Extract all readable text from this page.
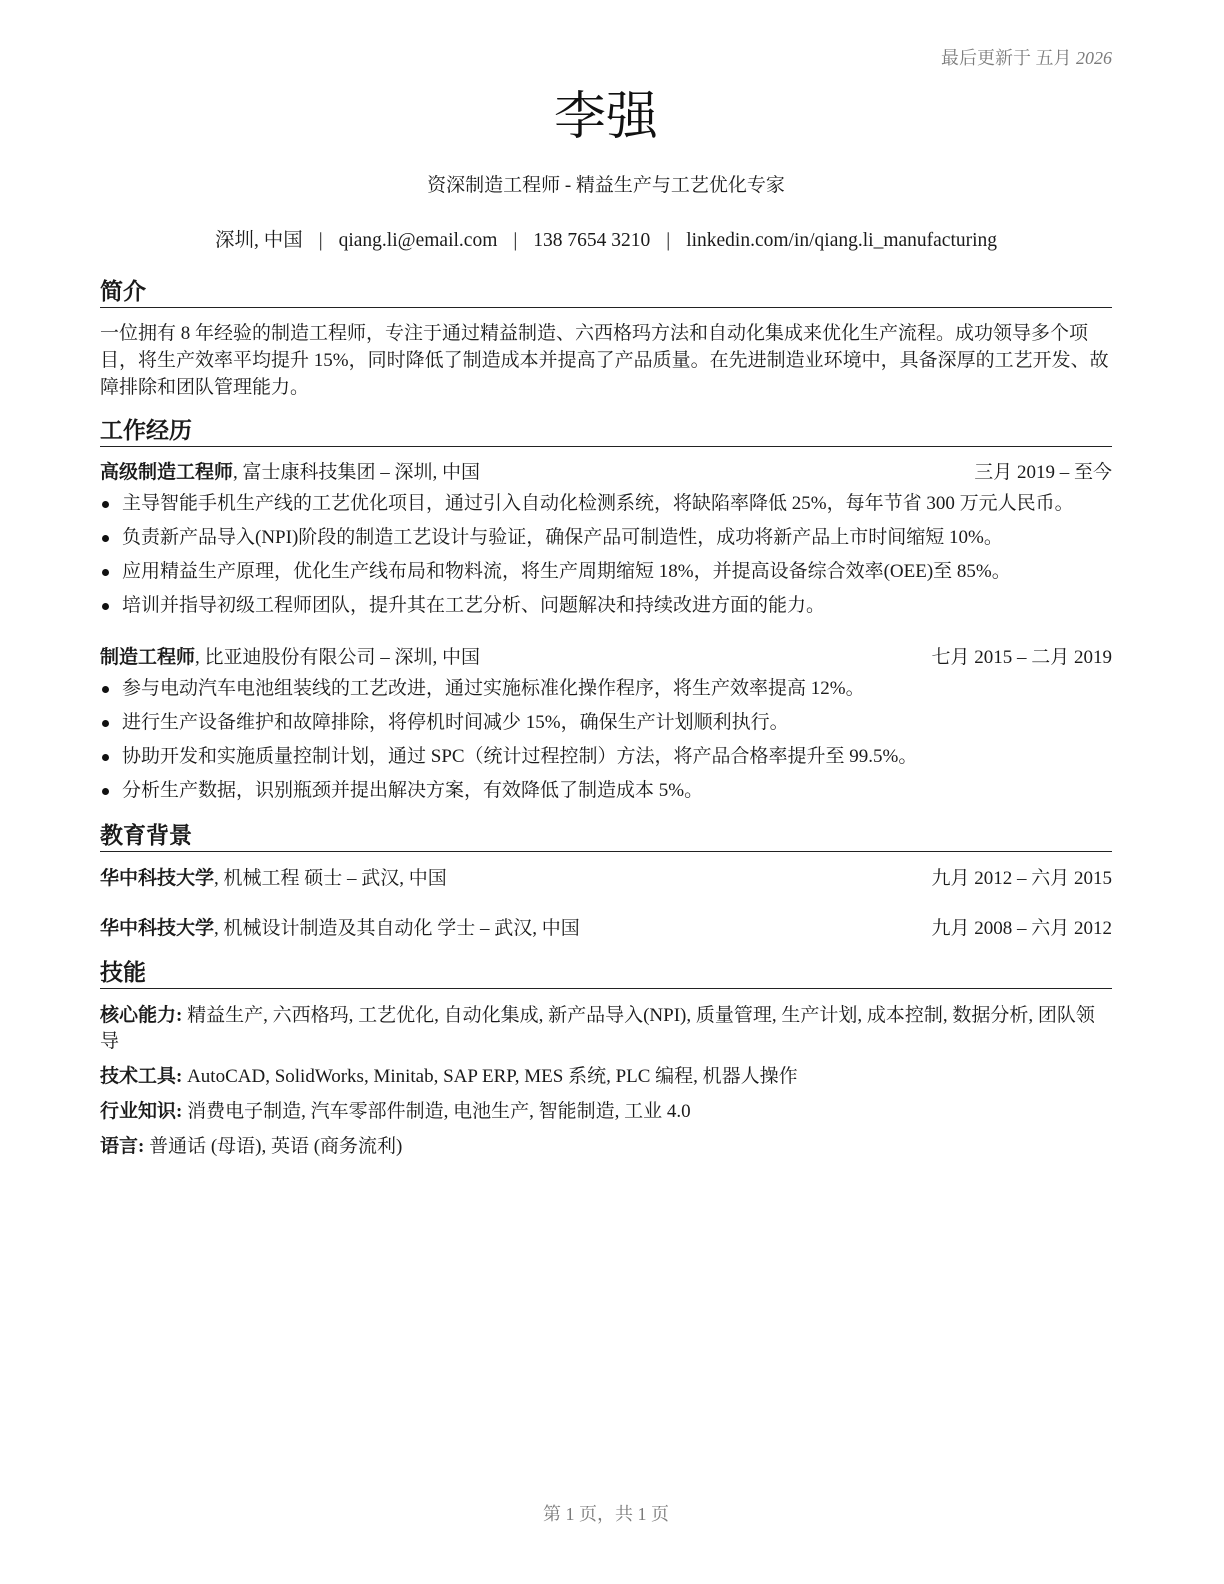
最后更新于 五月 2026
李强
资深制造工程师 - 精益生产与工艺优化专家
深圳, 中国 | qiang.li@email.com | 138 7654 3210 | linkedin.com/in/qiang.li_manufacturing
简介
一位拥有 8 年经验的制造工程师，专注于通过精益制造、六西格玛方法和自动化集成来优化生产流程。成功领导多个项目，将生产效率平均提升 15%，同时降低了制造成本并提高了产品质量。在先进制造业环境中，具备深厚的工艺开发、故障排除和团队管理能力。
工作经历
高级制造工程师, 富士康科技集团 – 深圳, 中国	三月 2019 – 至今
主导智能手机生产线的工艺优化项目，通过引入自动化检测系统，将缺陷率降低 25%，每年节省 300 万元人民币。
负责新产品导入(NPI)阶段的制造工艺设计与验证，确保产品可制造性，成功将新产品上市时间缩短 10%。
应用精益生产原理，优化生产线布局和物料流，将生产周期缩短 18%，并提高设备综合效率(OEE)至 85%。
培训并指导初级工程师团队，提升其在工艺分析、问题解决和持续改进方面的能力。
制造工程师, 比亚迪股份有限公司 – 深圳, 中国	七月 2015 – 二月 2019
参与电动汽车电池组装线的工艺改进，通过实施标准化操作程序，将生产效率提高 12%。
进行生产设备维护和故障排除，将停机时间减少 15%，确保生产计划顺利执行。
协助开发和实施质量控制计划，通过 SPC（统计过程控制）方法，将产品合格率提升至 99.5%。
分析生产数据，识别瓶颈并提出解决方案，有效降低了制造成本 5%。
教育背景
华中科技大学, 机械工程 硕士 – 武汉, 中国	九月 2012 – 六月 2015
华中科技大学, 机械设计制造及其自动化 学士 – 武汉, 中国	九月 2008 – 六月 2012
技能
核心能力: 精益生产, 六西格玛, 工艺优化, 自动化集成, 新产品导入(NPI), 质量管理, 生产计划, 成本控制, 数据分析, 团队领导
技术工具: AutoCAD, SolidWorks, Minitab, SAP ERP, MES 系统, PLC 编程, 机器人操作
行业知识: 消费电子制造, 汽车零部件制造, 电池生产, 智能制造, 工业 4.0
语言: 普通话 (母语), 英语 (商务流利)
第 1 页，共 1 页
